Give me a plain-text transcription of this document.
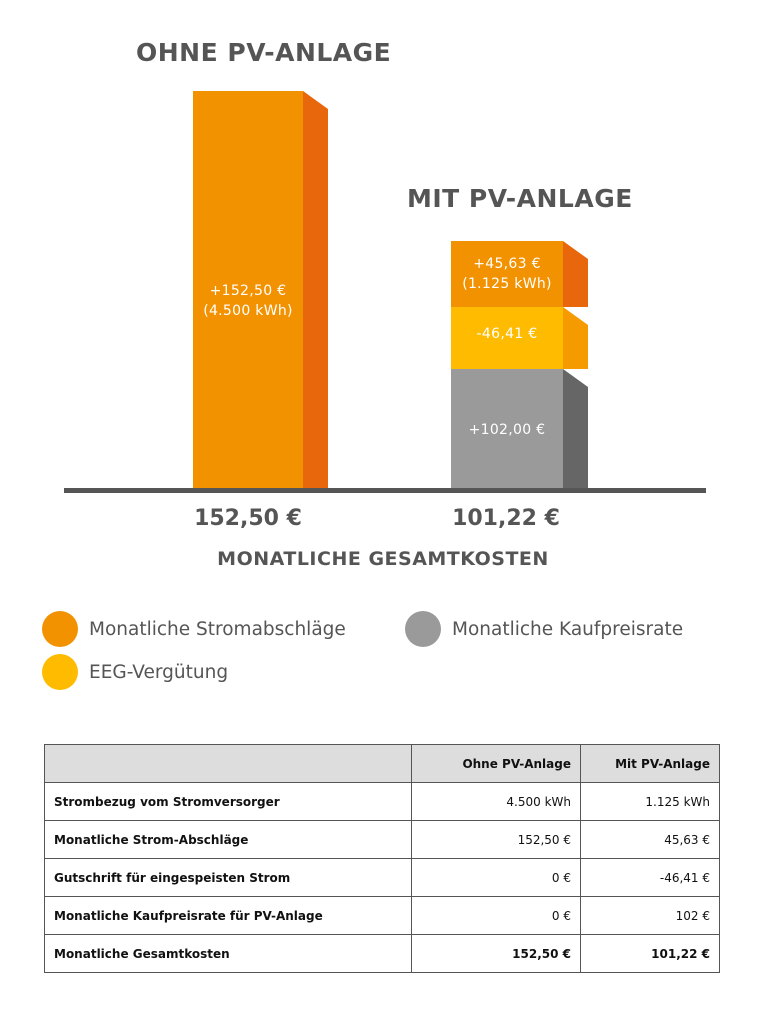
OHNE PV-ANLAGE
MIT PV-ANLAGE
+152,50 €
(4.500 kWh)
+45,63 €
(1.125 kWh)
-46,41 €
+102,00 €
152,50 €	101,22 €
MONATLICHE GESAMTKOSTEN
Monatliche Stromabschläge	Monatliche Kaufpreisrate
EEG-Vergütung
	Ohne PV-Anlage	Mit PV-Anlage
Strombezug vom Stromversorger	4.500 kWh	1.125 kWh
Monatliche Strom-Abschläge	152,50 €	45,63 €
Gutschrift für eingespeisten Strom	0 €	-46,41 €
Monatliche Kaufpreisrate für PV-Anlage	0 €	102 €
Monatliche Gesamtkosten	152,50 €	101,22 €
